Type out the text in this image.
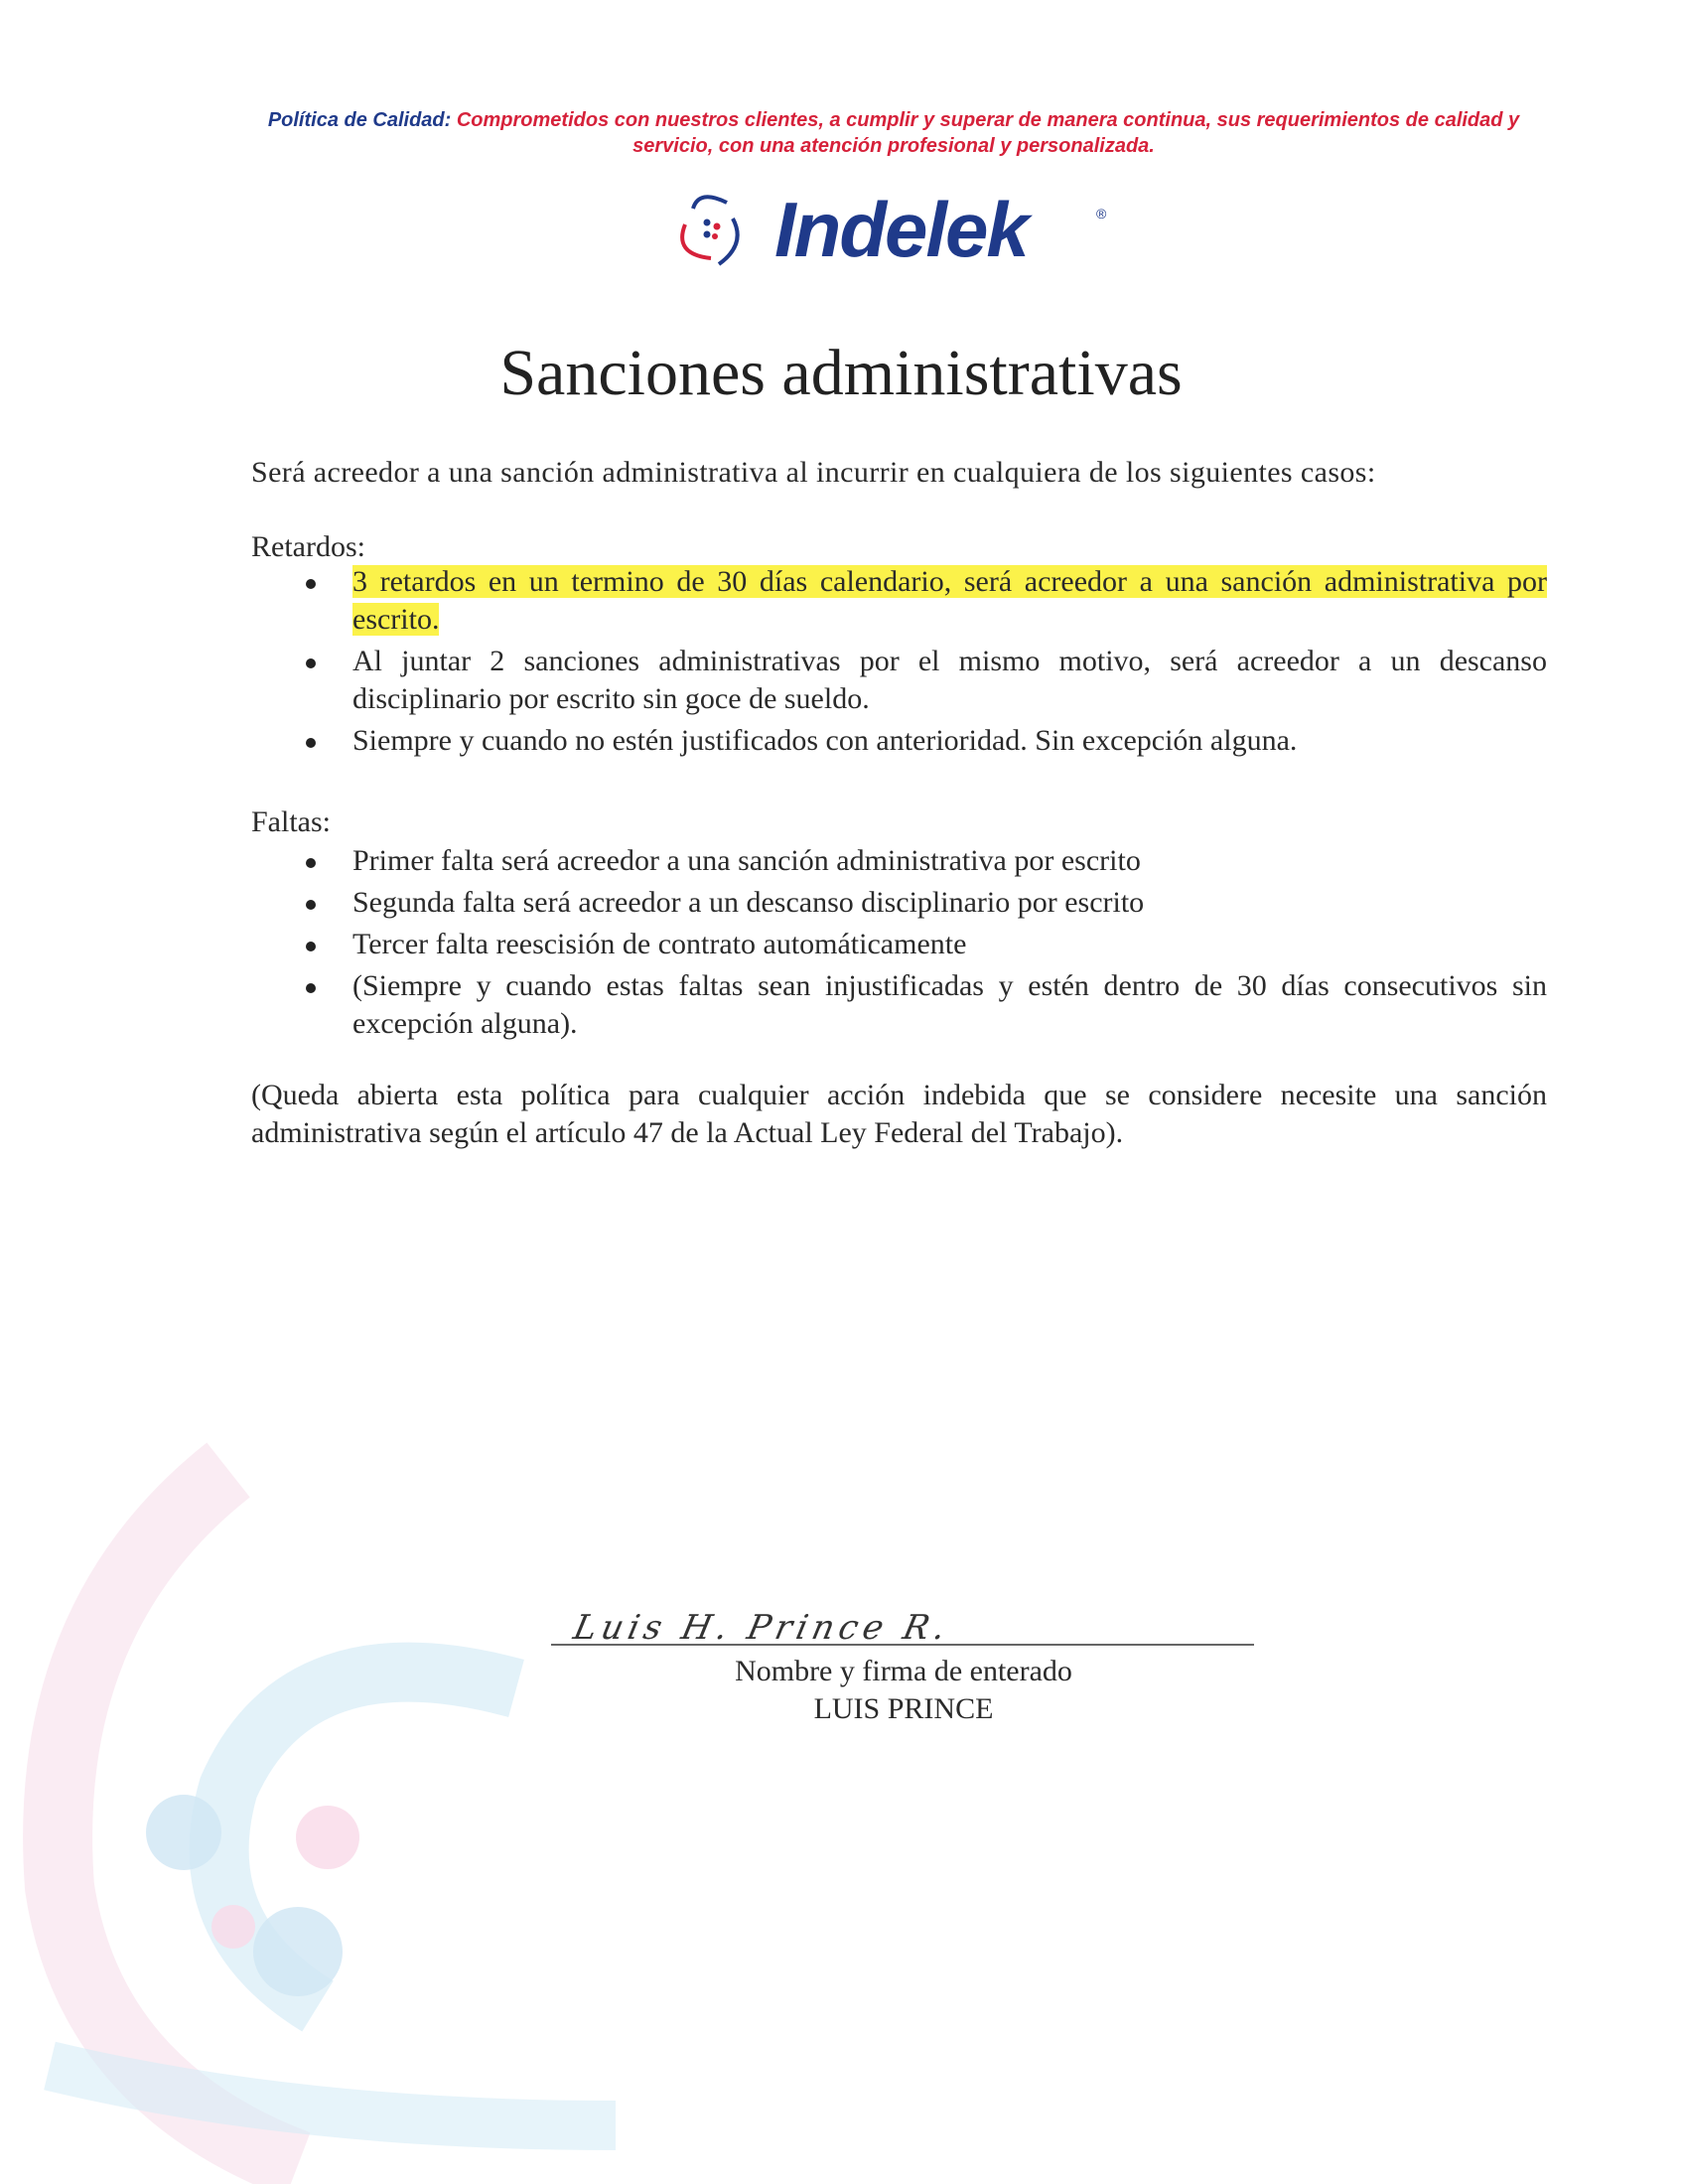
Política de Calidad: Comprometidos con nuestros clientes, a cumplir y superar de manera continua, sus requerimientos de calidad y servicio, con una atención profesional y personalizada.
Indelek	®
Sanciones administrativas
Será acreedor a una sanción administrativa al incurrir en cualquiera de los siguientes casos:
Retardos:
3 retardos en un termino de 30 días calendario, será acreedor a una sanción administrativa por escrito.
Al juntar 2 sanciones administrativas por el mismo motivo, será acreedor a un descanso disciplinario por escrito sin goce de sueldo.
Siempre y cuando no estén justificados con anterioridad. Sin excepción alguna.
Faltas:
Primer falta será acreedor a una sanción administrativa por escrito
Segunda falta será acreedor a un descanso disciplinario por escrito
Tercer falta reescisión de contrato automáticamente
(Siempre y cuando estas faltas sean injustificadas y estén dentro de 30 días consecutivos sin excepción alguna).
(Queda abierta esta política para cualquier acción indebida que se considere necesite una sanción administrativa según el artículo 47 de la Actual Ley Federal del Trabajo).
Luis H. Prince R.
Nombre y firma de enterado
LUIS PRINCE
